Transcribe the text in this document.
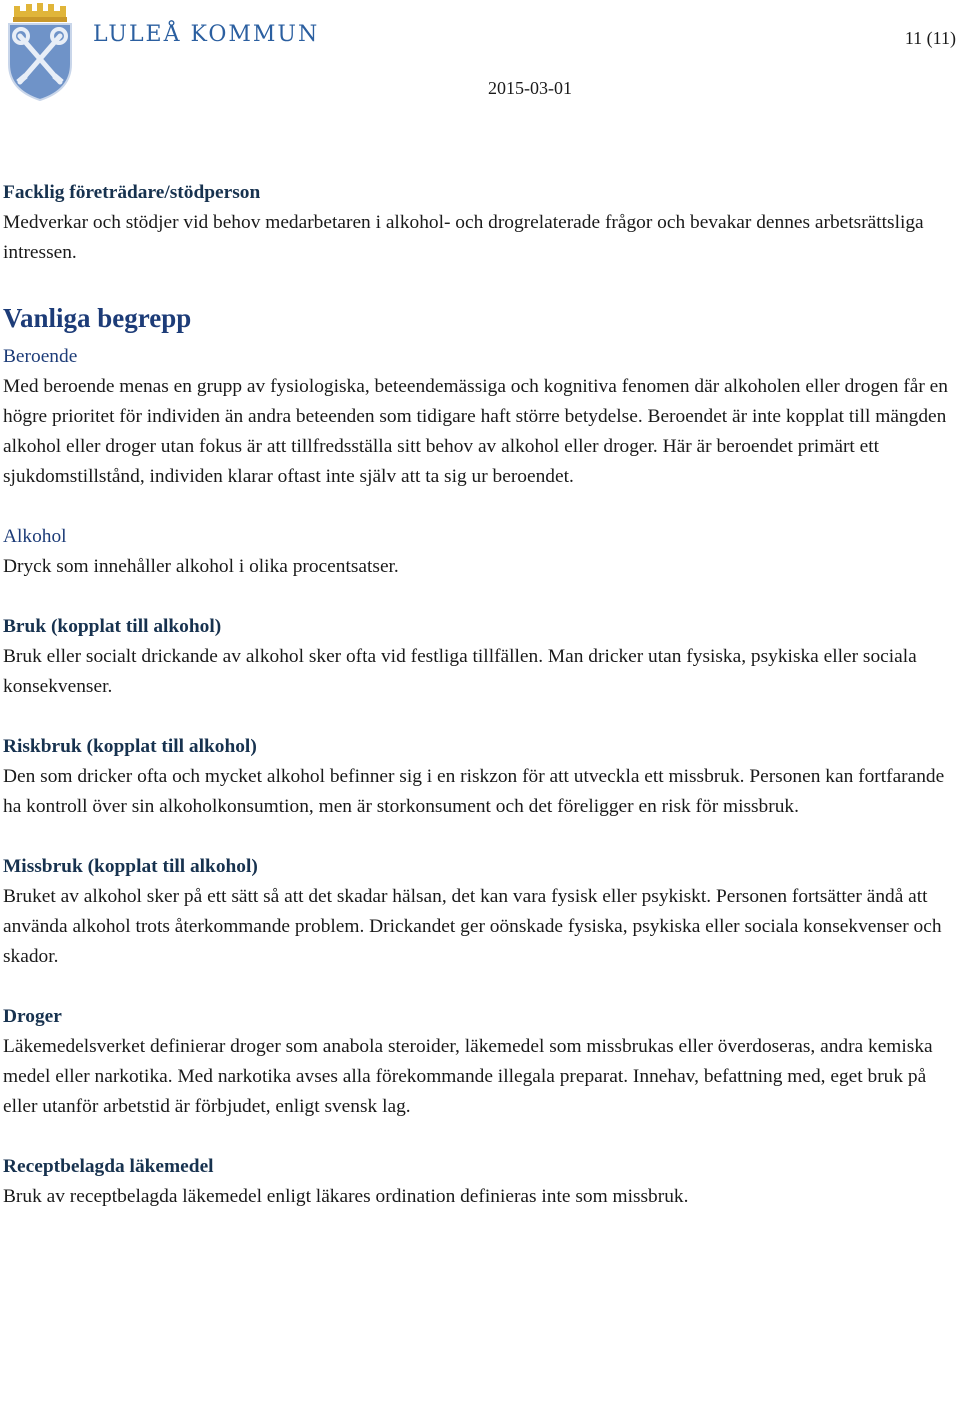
LULEÅ KOMMUN	11 (11)
2015-03-01

Facklig företrädare/stödperson

Medverkar och stödjer vid behov medarbetaren i alkohol- och drogrelaterade frågor och bevakar dennes arbetsrättsliga intressen.

Vanliga begrepp

Beroende

Med beroende menas en grupp av fysiologiska, beteendemässiga och kognitiva fenomen där alkoholen eller drogen får en högre prioritet för individen än andra beteenden som tidigare haft större betydelse. Beroendet är inte kopplat till mängden alkohol eller droger utan fokus är att tillfredsställa sitt behov av alkohol eller droger. Här är beroendet primärt ett sjukdomstillstånd, individen klarar oftast inte själv att ta sig ur beroendet.

Alkohol

Dryck som innehåller alkohol i olika procentsatser.

Bruk (kopplat till alkohol)

Bruk eller socialt drickande av alkohol sker ofta vid festliga tillfällen. Man dricker utan fysiska, psykiska eller sociala konsekvenser.

Riskbruk (kopplat till alkohol)

Den som dricker ofta och mycket alkohol befinner sig i en riskzon för att utveckla ett missbruk. Personen kan fortfarande ha kontroll över sin alkoholkonsumtion, men är storkonsument och det föreligger en risk för missbruk.

Missbruk (kopplat till alkohol)

Bruket av alkohol sker på ett sätt så att det skadar hälsan, det kan vara fysisk eller psykiskt. Personen fortsätter ändå att använda alkohol trots återkommande problem. Drickandet ger oönskade fysiska, psykiska eller sociala konsekvenser och skador.

Droger

Läkemedelsverket definierar droger som anabola steroider, läkemedel som missbrukas eller överdoseras, andra kemiska medel eller narkotika. Med narkotika avses alla förekommande illegala preparat. Innehav, befattning med, eget bruk på eller utanför arbetstid är förbjudet, enligt svensk lag.

Receptbelagda läkemedel

Bruk av receptbelagda läkemedel enligt läkares ordination definieras inte som missbruk.
